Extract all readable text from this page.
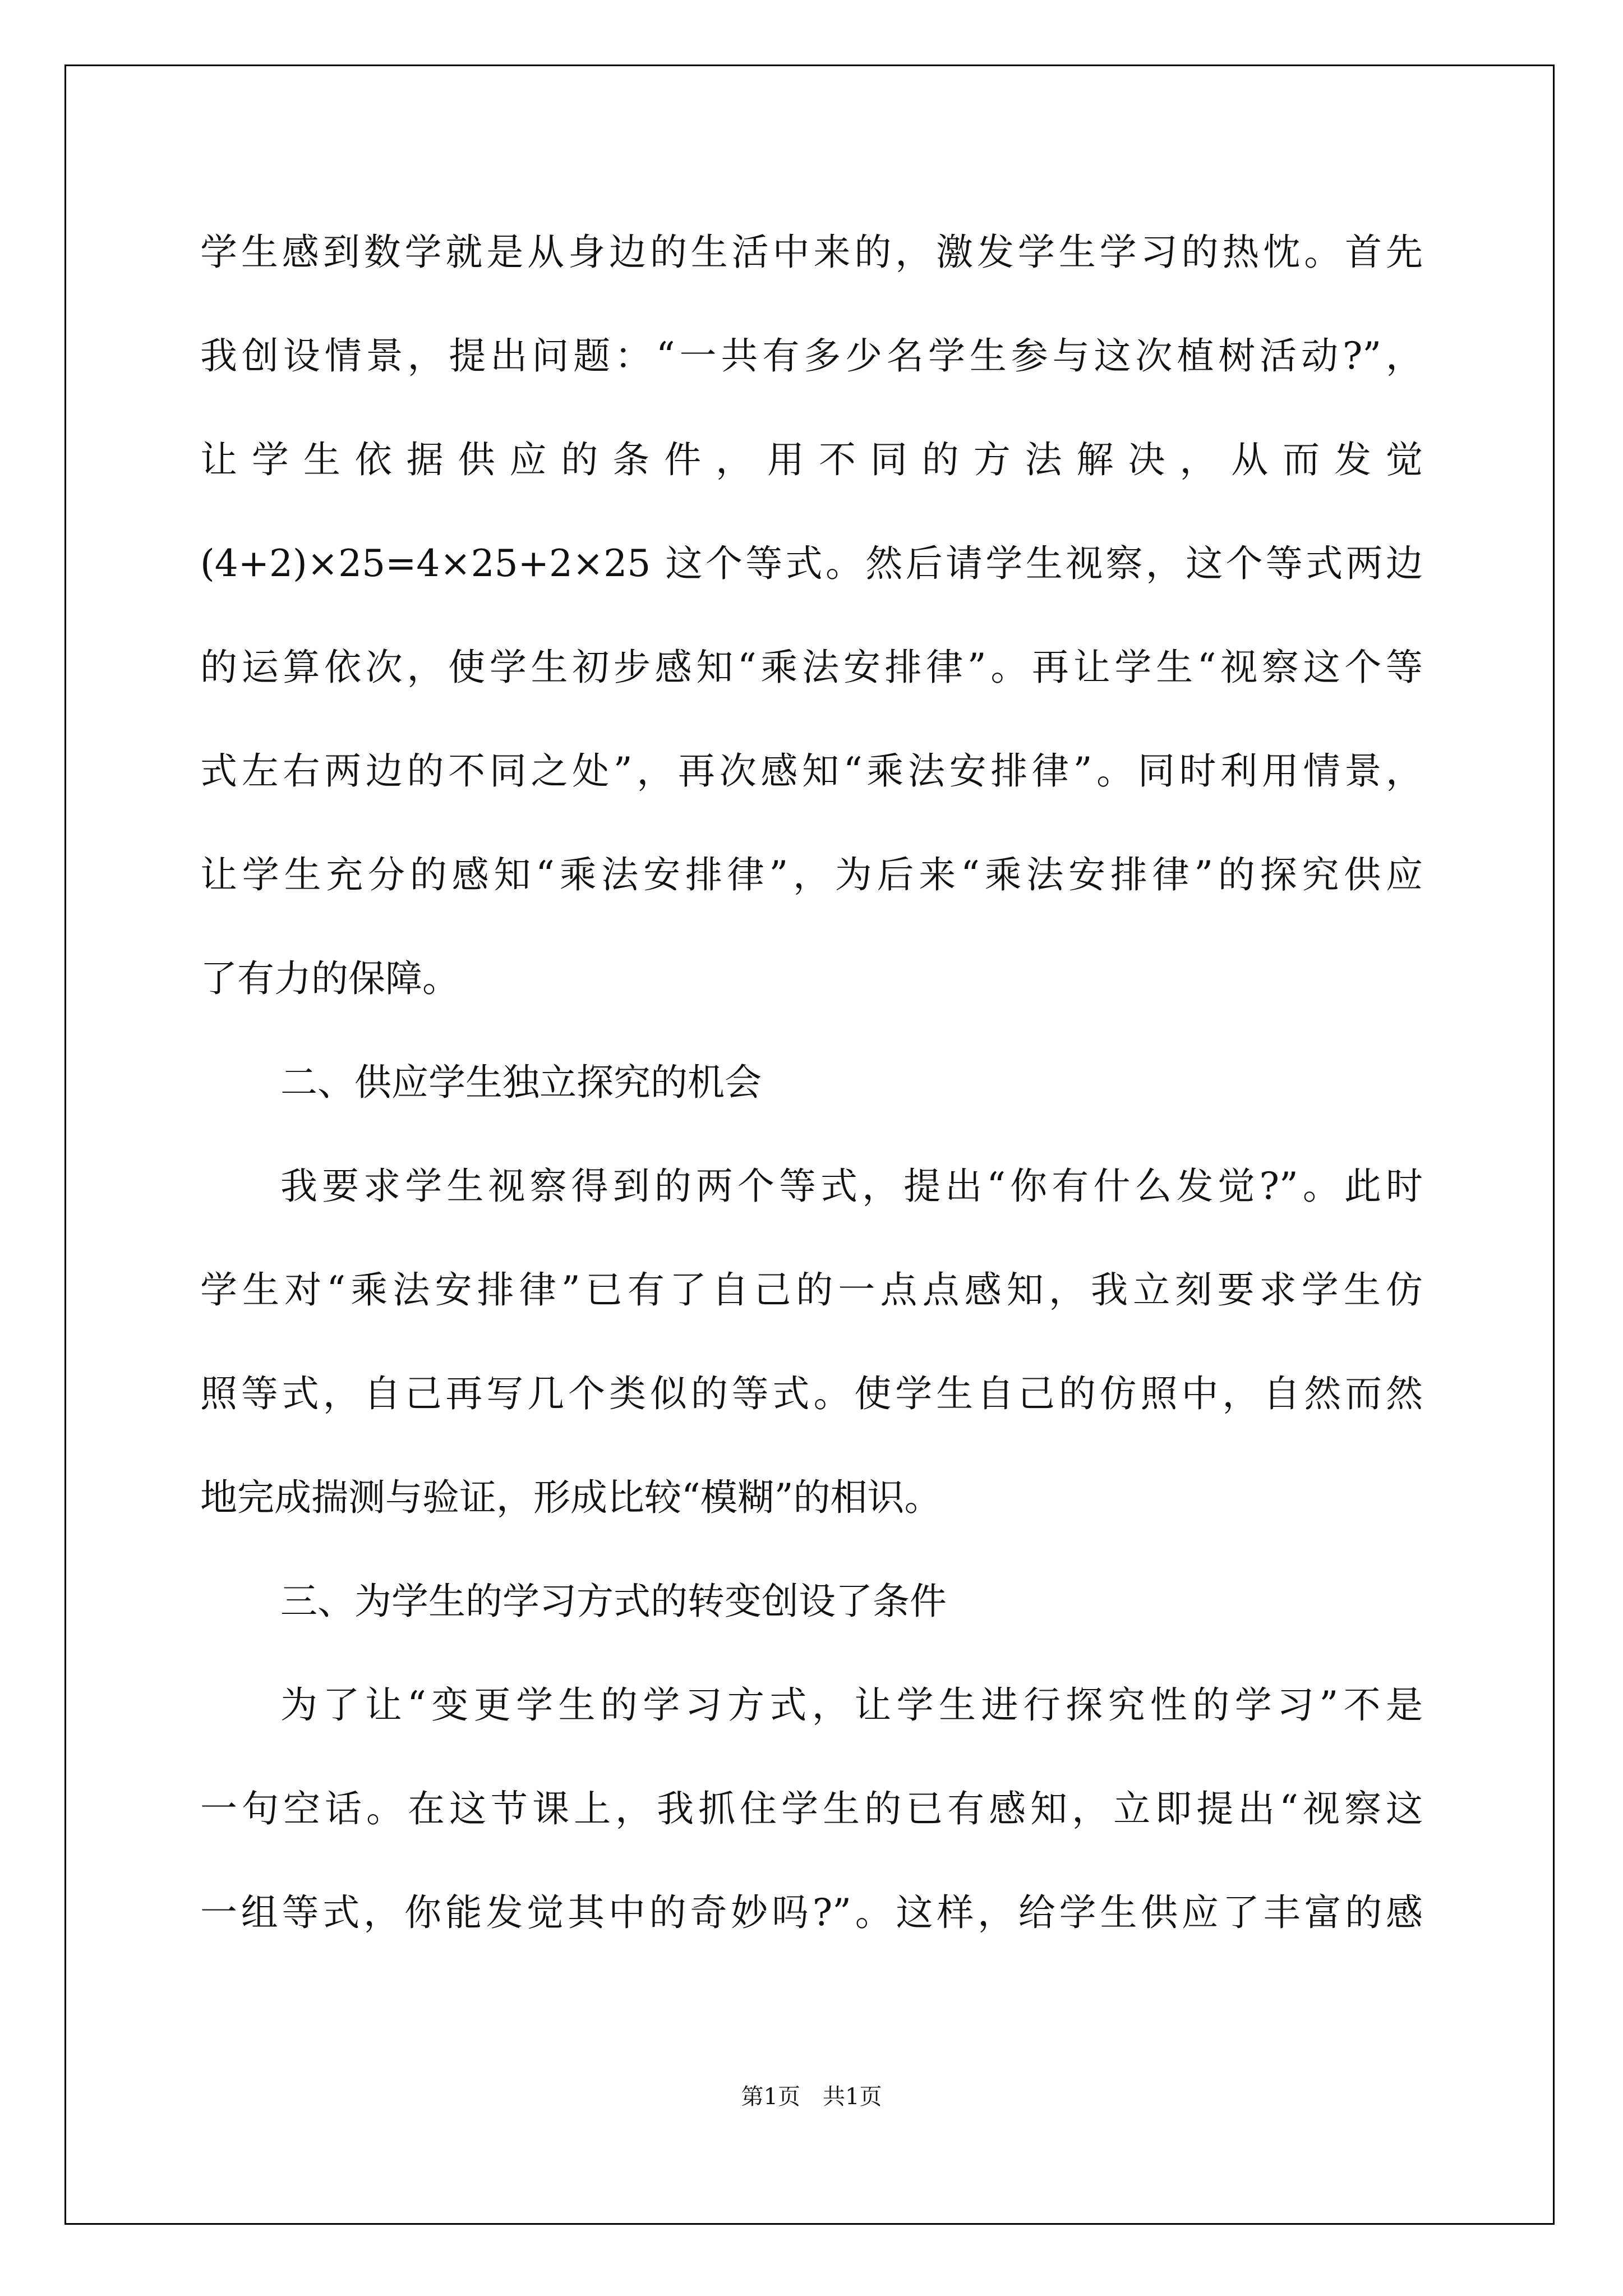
学生感到数学就是从身边的生活中来的，激发学生学习的热忱。首先
我创设情景，提出问题：“一共有多少名学生参与这次植树活动?”，
让学生依据供应的条件，用不同的方法解决，从而发觉
(4+2)×25=4×25+2×25 这个等式。然后请学生视察，这个等式两边
的运算依次，使学生初步感知“乘法安排律”。再让学生“视察这个等
式左右两边的不同之处”，再次感知“乘法安排律”。同时利用情景，
让学生充分的感知“乘法安排律”，为后来“乘法安排律”的探究供应
了有力的保障。
二、供应学生独立探究的机会
我要求学生视察得到的两个等式，提出“你有什么发觉?”。此时
学生对“乘法安排律”已有了自己的一点点感知，我立刻要求学生仿
照等式，自己再写几个类似的等式。使学生自己的仿照中，自然而然
地完成揣测与验证，形成比较“模糊”的相识。
三、为学生的学习方式的转变创设了条件
为了让“变更学生的学习方式，让学生进行探究性的学习”不是
一句空话。在这节课上，我抓住学生的已有感知，立即提出“视察这
一组等式，你能发觉其中的奇妙吗?”。这样，给学生供应了丰富的感
第1页　共1页
